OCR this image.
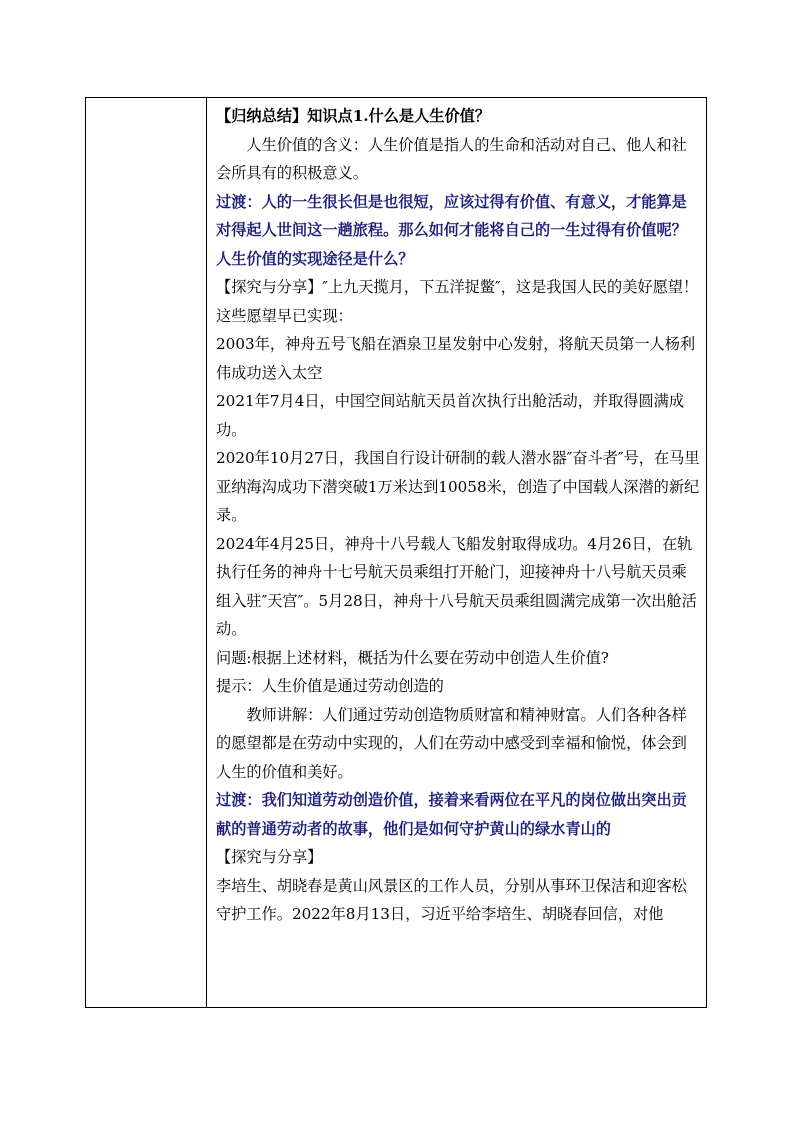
【归纳总结】知识点1.什么是人生价值？

人生价值的含义：人生价值是指人的生命和活动对自己、他人和社会所具有的积极意义。

过渡：人的一生很长但是也很短，应该过得有价值、有意义，才能算是对得起人世间这一趟旅程。那么如何才能将自己的一生过得有价值呢？人生价值的实现途径是什么？

【探究与分享】″上九天揽月，下五洋捉鳖″，这是我国人民的美好愿望！这些愿望早已实现：

2003年，神舟五号飞船在酒泉卫星发射中心发射，将航天员第一人杨利伟成功送入太空

2021年7月4日，中国空间站航天员首次执行出舱活动，并取得圆满成功。

2020年10月27日，我国自行设计研制的载人潜水器″奋斗者″号，在马里亚纳海沟成功下潜突破1万米达到10058米，创造了中国载人深潜的新纪录。

2024年4月25日，神舟十八号载人飞船发射取得成功。4月26日，在轨执行任务的神舟十七号航天员乘组打开舱门，迎接神舟十八号航天员乘组入驻″天宫″。5月28日，神舟十八号航天员乘组圆满完成第一次出舱活动。

问题:根据上述材料，概括为什么要在劳动中创造人生价值?

提示：人生价值是通过劳动创造的

教师讲解：人们通过劳动创造物质财富和精神财富。人们各种各样的愿望都是在劳动中实现的，人们在劳动中感受到幸福和愉悦，体会到人生的价值和美好。

过渡：我们知道劳动创造价值，接着来看两位在平凡的岗位做出突出贡献的普通劳动者的故事，他们是如何守护黄山的绿水青山的

【探究与分享】

李培生、胡晓春是黄山风景区的工作人员，分别从事环卫保洁和迎客松守护工作。2022年8月13日，习近平给李培生、胡晓春回信，对他
